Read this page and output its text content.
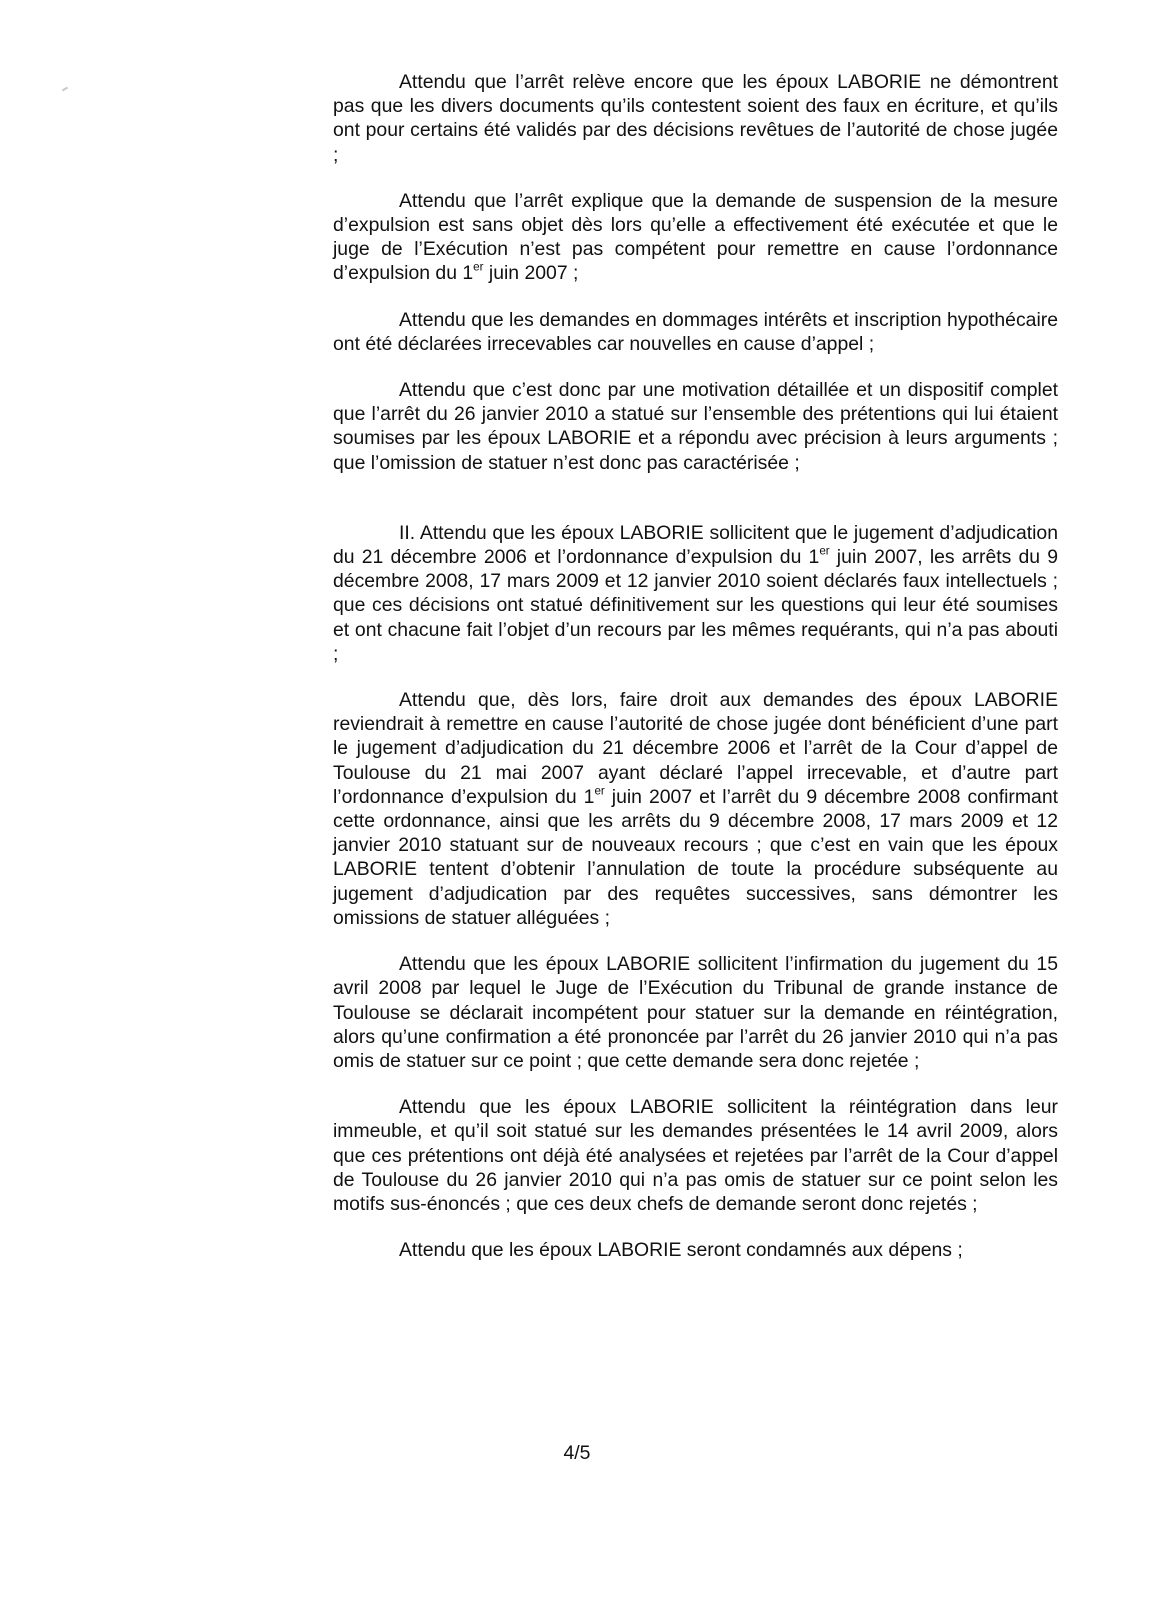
Attendu que l’arrêt relève encore que les époux LABORIE ne démontrent pas que les divers documents qu’ils contestent soient des faux en écriture, et qu’ils ont pour certains été validés par des décisions revêtues de l’autorité de chose jugée ;

Attendu que l’arrêt explique que la demande de suspension de la mesure d’expulsion est sans objet dès lors qu’elle a effectivement été exécutée et que le juge de l’Exécution n’est pas compétent pour remettre en cause l’ordonnance d’expulsion du 1er juin 2007 ;

Attendu que les demandes en dommages intérêts et inscription hypothécaire ont été déclarées irrecevables car nouvelles en cause d’appel ;

Attendu que c’est donc par une motivation détaillée et un dispositif complet que l’arrêt du 26 janvier 2010 a statué sur l’ensemble des prétentions qui lui étaient soumises par les époux LABORIE et a répondu avec précision à leurs arguments ; que l’omission de statuer n’est donc pas caractérisée ;

II. Attendu que les époux LABORIE sollicitent que le jugement d’adjudication du 21 décembre 2006 et l’ordonnance d’expulsion du 1er juin 2007, les arrêts du 9 décembre 2008, 17 mars 2009 et 12 janvier 2010 soient déclarés faux intellectuels ; que ces décisions ont statué définitivement sur les questions qui leur été soumises et ont chacune fait l’objet d’un recours par les mêmes requérants, qui n’a pas abouti ;

Attendu que, dès lors, faire droit aux demandes des époux LABORIE reviendrait à remettre en cause l’autorité de chose jugée dont bénéficient d’une part le jugement d’adjudication du 21 décembre 2006 et l’arrêt de la Cour d’appel de Toulouse du 21 mai 2007 ayant déclaré l’appel irrecevable, et d’autre part l’ordonnance d’expulsion du 1er juin 2007 et l’arrêt du 9 décembre 2008 confirmant cette ordonnance, ainsi que les arrêts du 9 décembre 2008, 17 mars 2009 et 12 janvier 2010 statuant sur de nouveaux recours ; que c’est en vain que les époux LABORIE tentent d’obtenir l’annulation de toute la procédure subséquente au jugement d’adjudication par des requêtes successives, sans démontrer les omissions de statuer alléguées ;

Attendu que les époux LABORIE sollicitent l’infirmation du jugement du 15 avril 2008 par lequel le Juge de l’Exécution du Tribunal de grande instance de Toulouse se déclarait incompétent pour statuer sur la demande en réintégration, alors qu’une confirmation a été prononcée par l’arrêt du 26 janvier 2010 qui n’a pas omis de statuer sur ce point ; que cette demande sera donc rejetée ;

Attendu que les époux LABORIE sollicitent la réintégration dans leur immeuble, et qu’il soit statué sur les demandes présentées le 14 avril 2009, alors que ces prétentions ont déjà été analysées et rejetées par l’arrêt de la Cour d’appel de Toulouse du 26 janvier 2010 qui n’a pas omis de statuer sur ce point selon les motifs sus-énoncés ; que ces deux chefs de demande seront donc rejetés ;

Attendu que les époux LABORIE seront condamnés aux dépens ;

4/5
